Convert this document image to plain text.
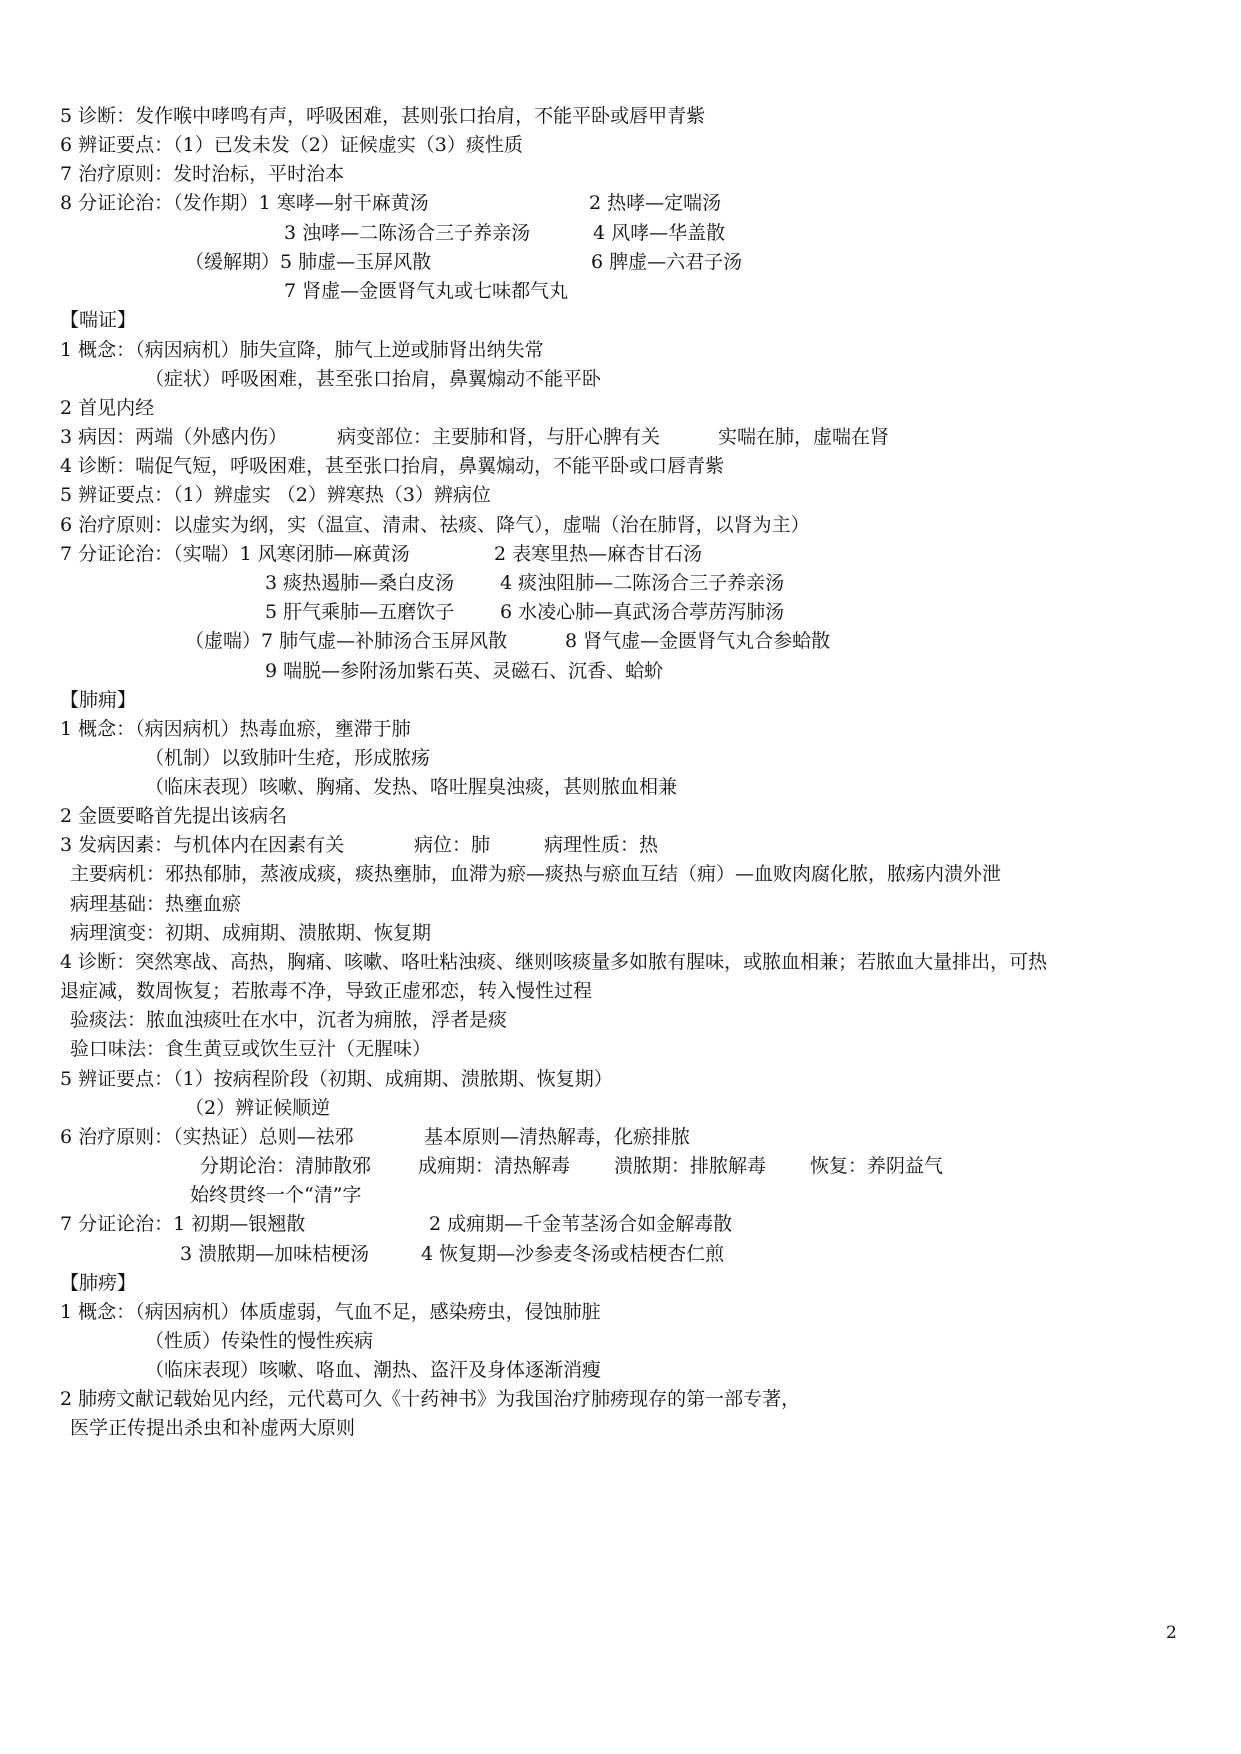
5 诊断：发作喉中哮鸣有声，呼吸困难，甚则张口抬肩，不能平卧或唇甲青紫
6 辨证要点：（1）已发未发（2）证候虚实（3）痰性质
7 治疗原则：发时治标，平时治本
8 分证论治：（发作期）1 寒哮—射干麻黄汤	2 热哮—定喘汤
3 浊哮—二陈汤合三子养亲汤	4 风哮—华盖散
（缓解期）5 肺虚—玉屏风散	6 脾虚—六君子汤
7 肾虚—金匮肾气丸或七味都气丸
【喘证】
1 概念：（病因病机）肺失宣降，肺气上逆或肺肾出纳失常
（症状）呼吸困难，甚至张口抬肩，鼻翼煽动不能平卧
2 首见内经
3 病因：两端（外感内伤）	病变部位：主要肺和肾，与肝心脾有关	实喘在肺，虚喘在肾
4 诊断：喘促气短，呼吸困难，甚至张口抬肩，鼻翼煽动，不能平卧或口唇青紫
5 辨证要点：（1）辨虚实 （2）辨寒热（3）辨病位
6 治疗原则：以虚实为纲，实（温宣、清肃、祛痰、降气），虚喘（治在肺肾，以肾为主）
7 分证论治：（实喘）1 风寒闭肺—麻黄汤	2 表寒里热—麻杏甘石汤
3 痰热遏肺—桑白皮汤 4 痰浊阻肺—二陈汤合三子养亲汤
5 肝气乘肺—五磨饮子 6 水凌心肺—真武汤合葶苈泻肺汤
（虚喘）7 肺气虚—补肺汤合玉屏风散	8 肾气虚—金匮肾气丸合参蛤散
9 喘脱—参附汤加紫石英、灵磁石、沉香、蛤蚧
【肺痈】
1 概念：（病因病机）热毒血瘀，壅滞于肺
（机制）以致肺叶生疮，形成脓疡
（临床表现）咳嗽、胸痛、发热、咯吐腥臭浊痰，甚则脓血相兼
2 金匮要略首先提出该病名
3 发病因素：与机体内在因素有关	病位：肺	病理性质：热
主要病机：邪热郁肺，蒸液成痰，痰热壅肺，血滞为瘀—痰热与瘀血互结（痈）—血败肉腐化脓，脓疡内溃外泄
病理基础：热壅血瘀
病理演变：初期、成痈期、溃脓期、恢复期
4 诊断：突然寒战、高热，胸痛、咳嗽、咯吐粘浊痰、继则咳痰量多如脓有腥味，或脓血相兼；若脓血大量排出，可热
退症减，数周恢复；若脓毒不净，导致正虚邪恋，转入慢性过程
验痰法：脓血浊痰吐在水中，沉者为痈脓，浮者是痰
验口味法：食生黄豆或饮生豆汁（无腥味）
5 辨证要点：（1）按病程阶段（初期、成痈期、溃脓期、恢复期）
（2）辨证候顺逆
6 治疗原则：（实热证）总则—祛邪	基本原则—清热解毒，化瘀排脓
分期论治：清肺散邪 成痈期：清热解毒 溃脓期：排脓解毒 恢复：养阴益气
始终贯终一个“清”字
7 分证论治：1 初期—银翘散	2 成痈期—千金苇茎汤合如金解毒散
3 溃脓期—加味桔梗汤	4 恢复期—沙参麦冬汤或桔梗杏仁煎
【肺痨】
1 概念：（病因病机）体质虚弱，气血不足，感染痨虫，侵蚀肺脏
（性质）传染性的慢性疾病
（临床表现）咳嗽、咯血、潮热、盗汗及身体逐渐消瘦
2 肺痨文献记载始见内经，元代葛可久《十药神书》为我国治疗肺痨现存的第一部专著，
医学正传提出杀虫和补虚两大原则
2
